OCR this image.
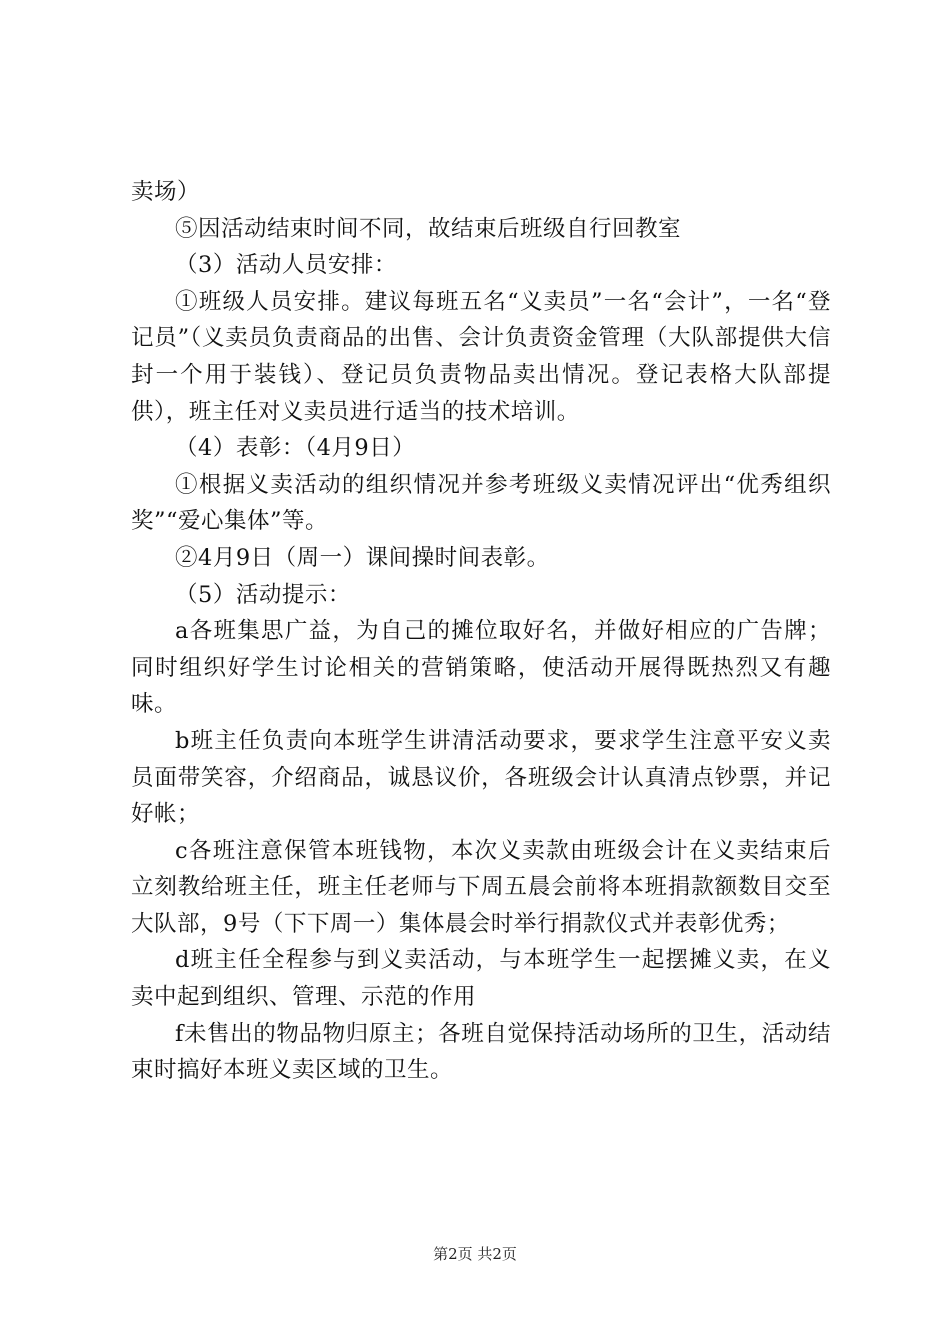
卖场）

⑤因活动结束时间不同，故结束后班级自行回教室

（3）活动人员安排：

①班级人员安排。建议每班五名“义卖员”一名“会计”，一名“登记员”（义卖员负责商品的出售、会计负责资金管理（大队部提供大信封一个用于装钱）、登记员负责物品卖出情况。登记表格大队部提供），班主任对义卖员进行适当的技术培训。

（4）表彰：（4月9日）

①根据义卖活动的组织情况并参考班级义卖情况评出“优秀组织奖”“爱心集体”等。

②4月9日（周一）课间操时间表彰。

（5）活动提示：

a各班集思广益，为自己的摊位取好名，并做好相应的广告牌；同时组织好学生讨论相关的营销策略，使活动开展得既热烈又有趣味。

b班主任负责向本班学生讲清活动要求，要求学生注意平安义卖员面带笑容，介绍商品，诚恳议价，各班级会计认真清点钞票，并记好帐；

c各班注意保管本班钱物，本次义卖款由班级会计在义卖结束后立刻教给班主任，班主任老师与下周五晨会前将本班捐款额数目交至大队部，9号（下下周一）集体晨会时举行捐款仪式并表彰优秀；

d班主任全程参与到义卖活动，与本班学生一起摆摊义卖，在义卖中起到组织、管理、示范的作用

f未售出的物品物归原主；各班自觉保持活动场所的卫生，活动结束时搞好本班义卖区域的卫生。

第2页 共2页
